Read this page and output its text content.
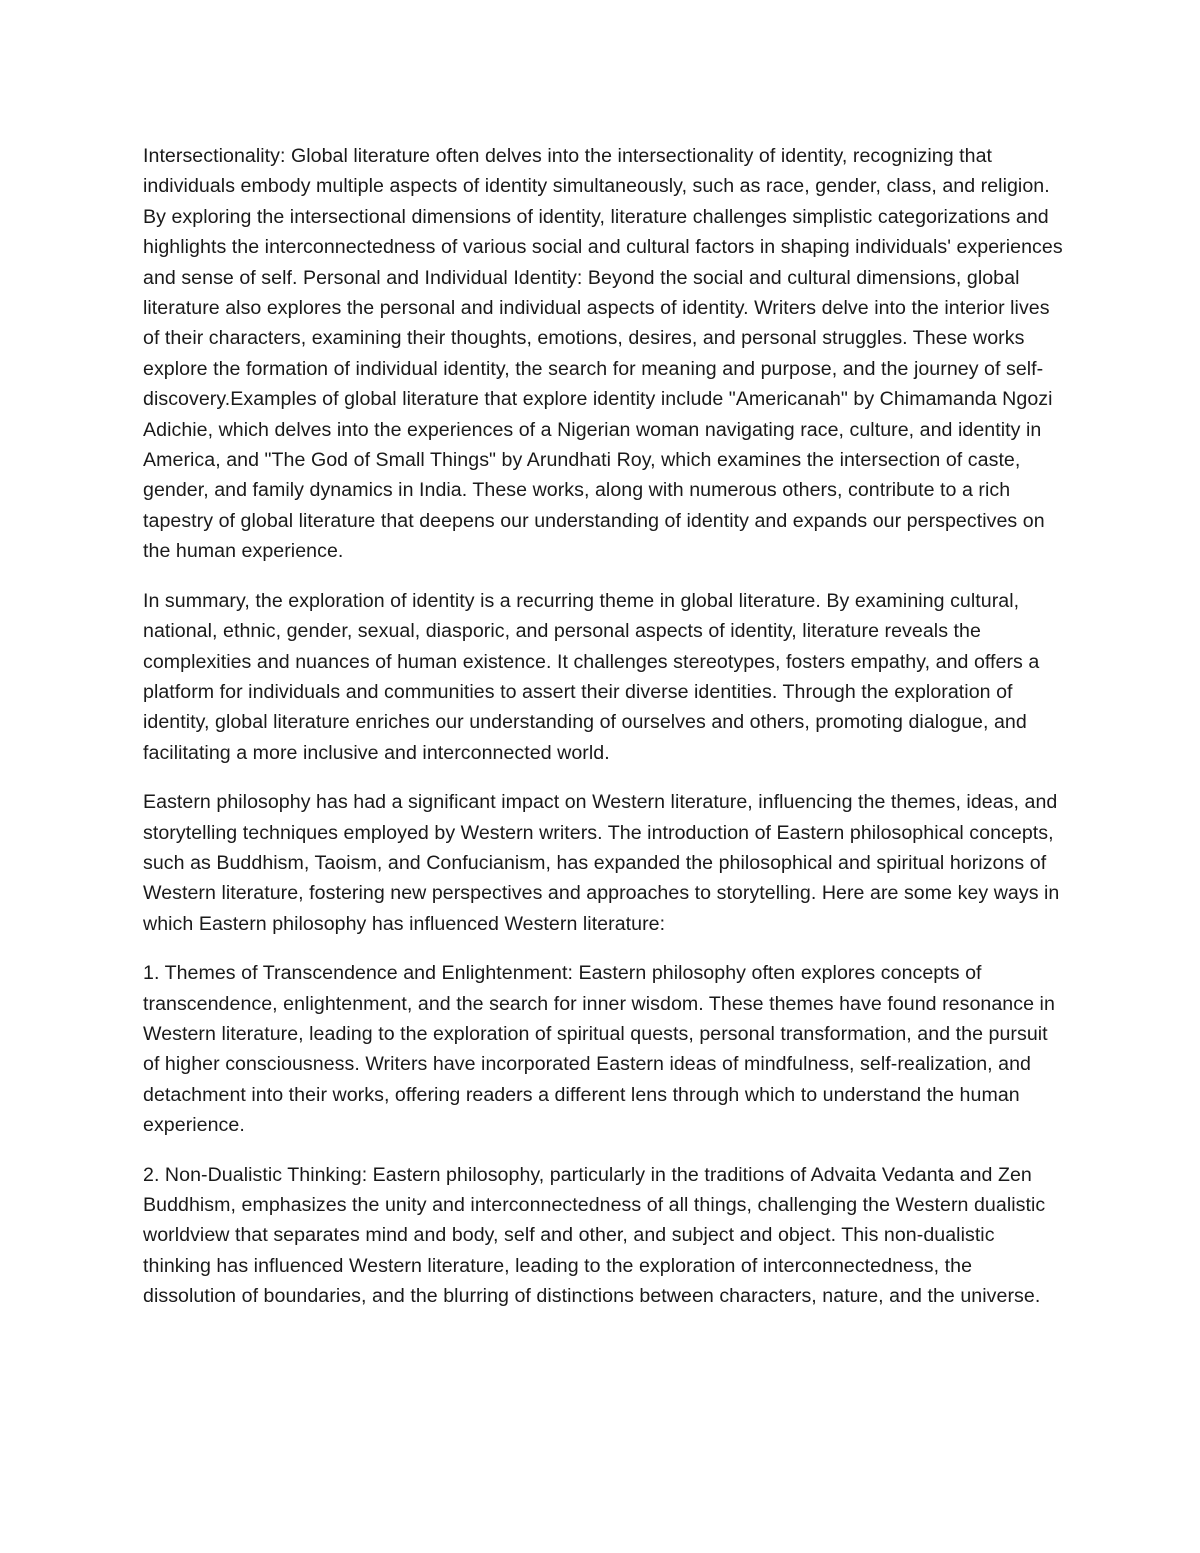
Intersectionality: Global literature often delves into the intersectionality of identity, recognizing that individuals embody multiple aspects of identity simultaneously, such as race, gender, class, and religion. By exploring the intersectional dimensions of identity, literature challenges simplistic categorizations and highlights the interconnectedness of various social and cultural factors in shaping individuals' experiences and sense of self. Personal and Individual Identity: Beyond the social and cultural dimensions, global literature also explores the personal and individual aspects of identity. Writers delve into the interior lives of their characters, examining their thoughts, emotions, desires, and personal struggles. These works explore the formation of individual identity, the search for meaning and purpose, and the journey of self-discovery.Examples of global literature that explore identity include "Americanah" by Chimamanda Ngozi Adichie, which delves into the experiences of a Nigerian woman navigating race, culture, and identity in America, and "The God of Small Things" by Arundhati Roy, which examines the intersection of caste, gender, and family dynamics in India. These works, along with numerous others, contribute to a rich tapestry of global literature that deepens our understanding of identity and expands our perspectives on the human experience.

In summary, the exploration of identity is a recurring theme in global literature. By examining cultural, national, ethnic, gender, sexual, diasporic, and personal aspects of identity, literature reveals the complexities and nuances of human existence. It challenges stereotypes, fosters empathy, and offers a platform for individuals and communities to assert their diverse identities. Through the exploration of identity, global literature enriches our understanding of ourselves and others, promoting dialogue, and facilitating a more inclusive and interconnected world.

Eastern philosophy has had a significant impact on Western literature, influencing the themes, ideas, and storytelling techniques employed by Western writers. The introduction of Eastern philosophical concepts, such as Buddhism, Taoism, and Confucianism, has expanded the philosophical and spiritual horizons of Western literature, fostering new perspectives and approaches to storytelling. Here are some key ways in which Eastern philosophy has influenced Western literature:

1. Themes of Transcendence and Enlightenment: Eastern philosophy often explores concepts of transcendence, enlightenment, and the search for inner wisdom. These themes have found resonance in Western literature, leading to the exploration of spiritual quests, personal transformation, and the pursuit of higher consciousness. Writers have incorporated Eastern ideas of mindfulness, self-realization, and detachment into their works, offering readers a different lens through which to understand the human experience.

2. Non-Dualistic Thinking: Eastern philosophy, particularly in the traditions of Advaita Vedanta and Zen Buddhism, emphasizes the unity and interconnectedness of all things, challenging the Western dualistic worldview that separates mind and body, self and other, and subject and object. This non-dualistic thinking has influenced Western literature, leading to the exploration of interconnectedness, the dissolution of boundaries, and the blurring of distinctions between characters, nature, and the universe.
